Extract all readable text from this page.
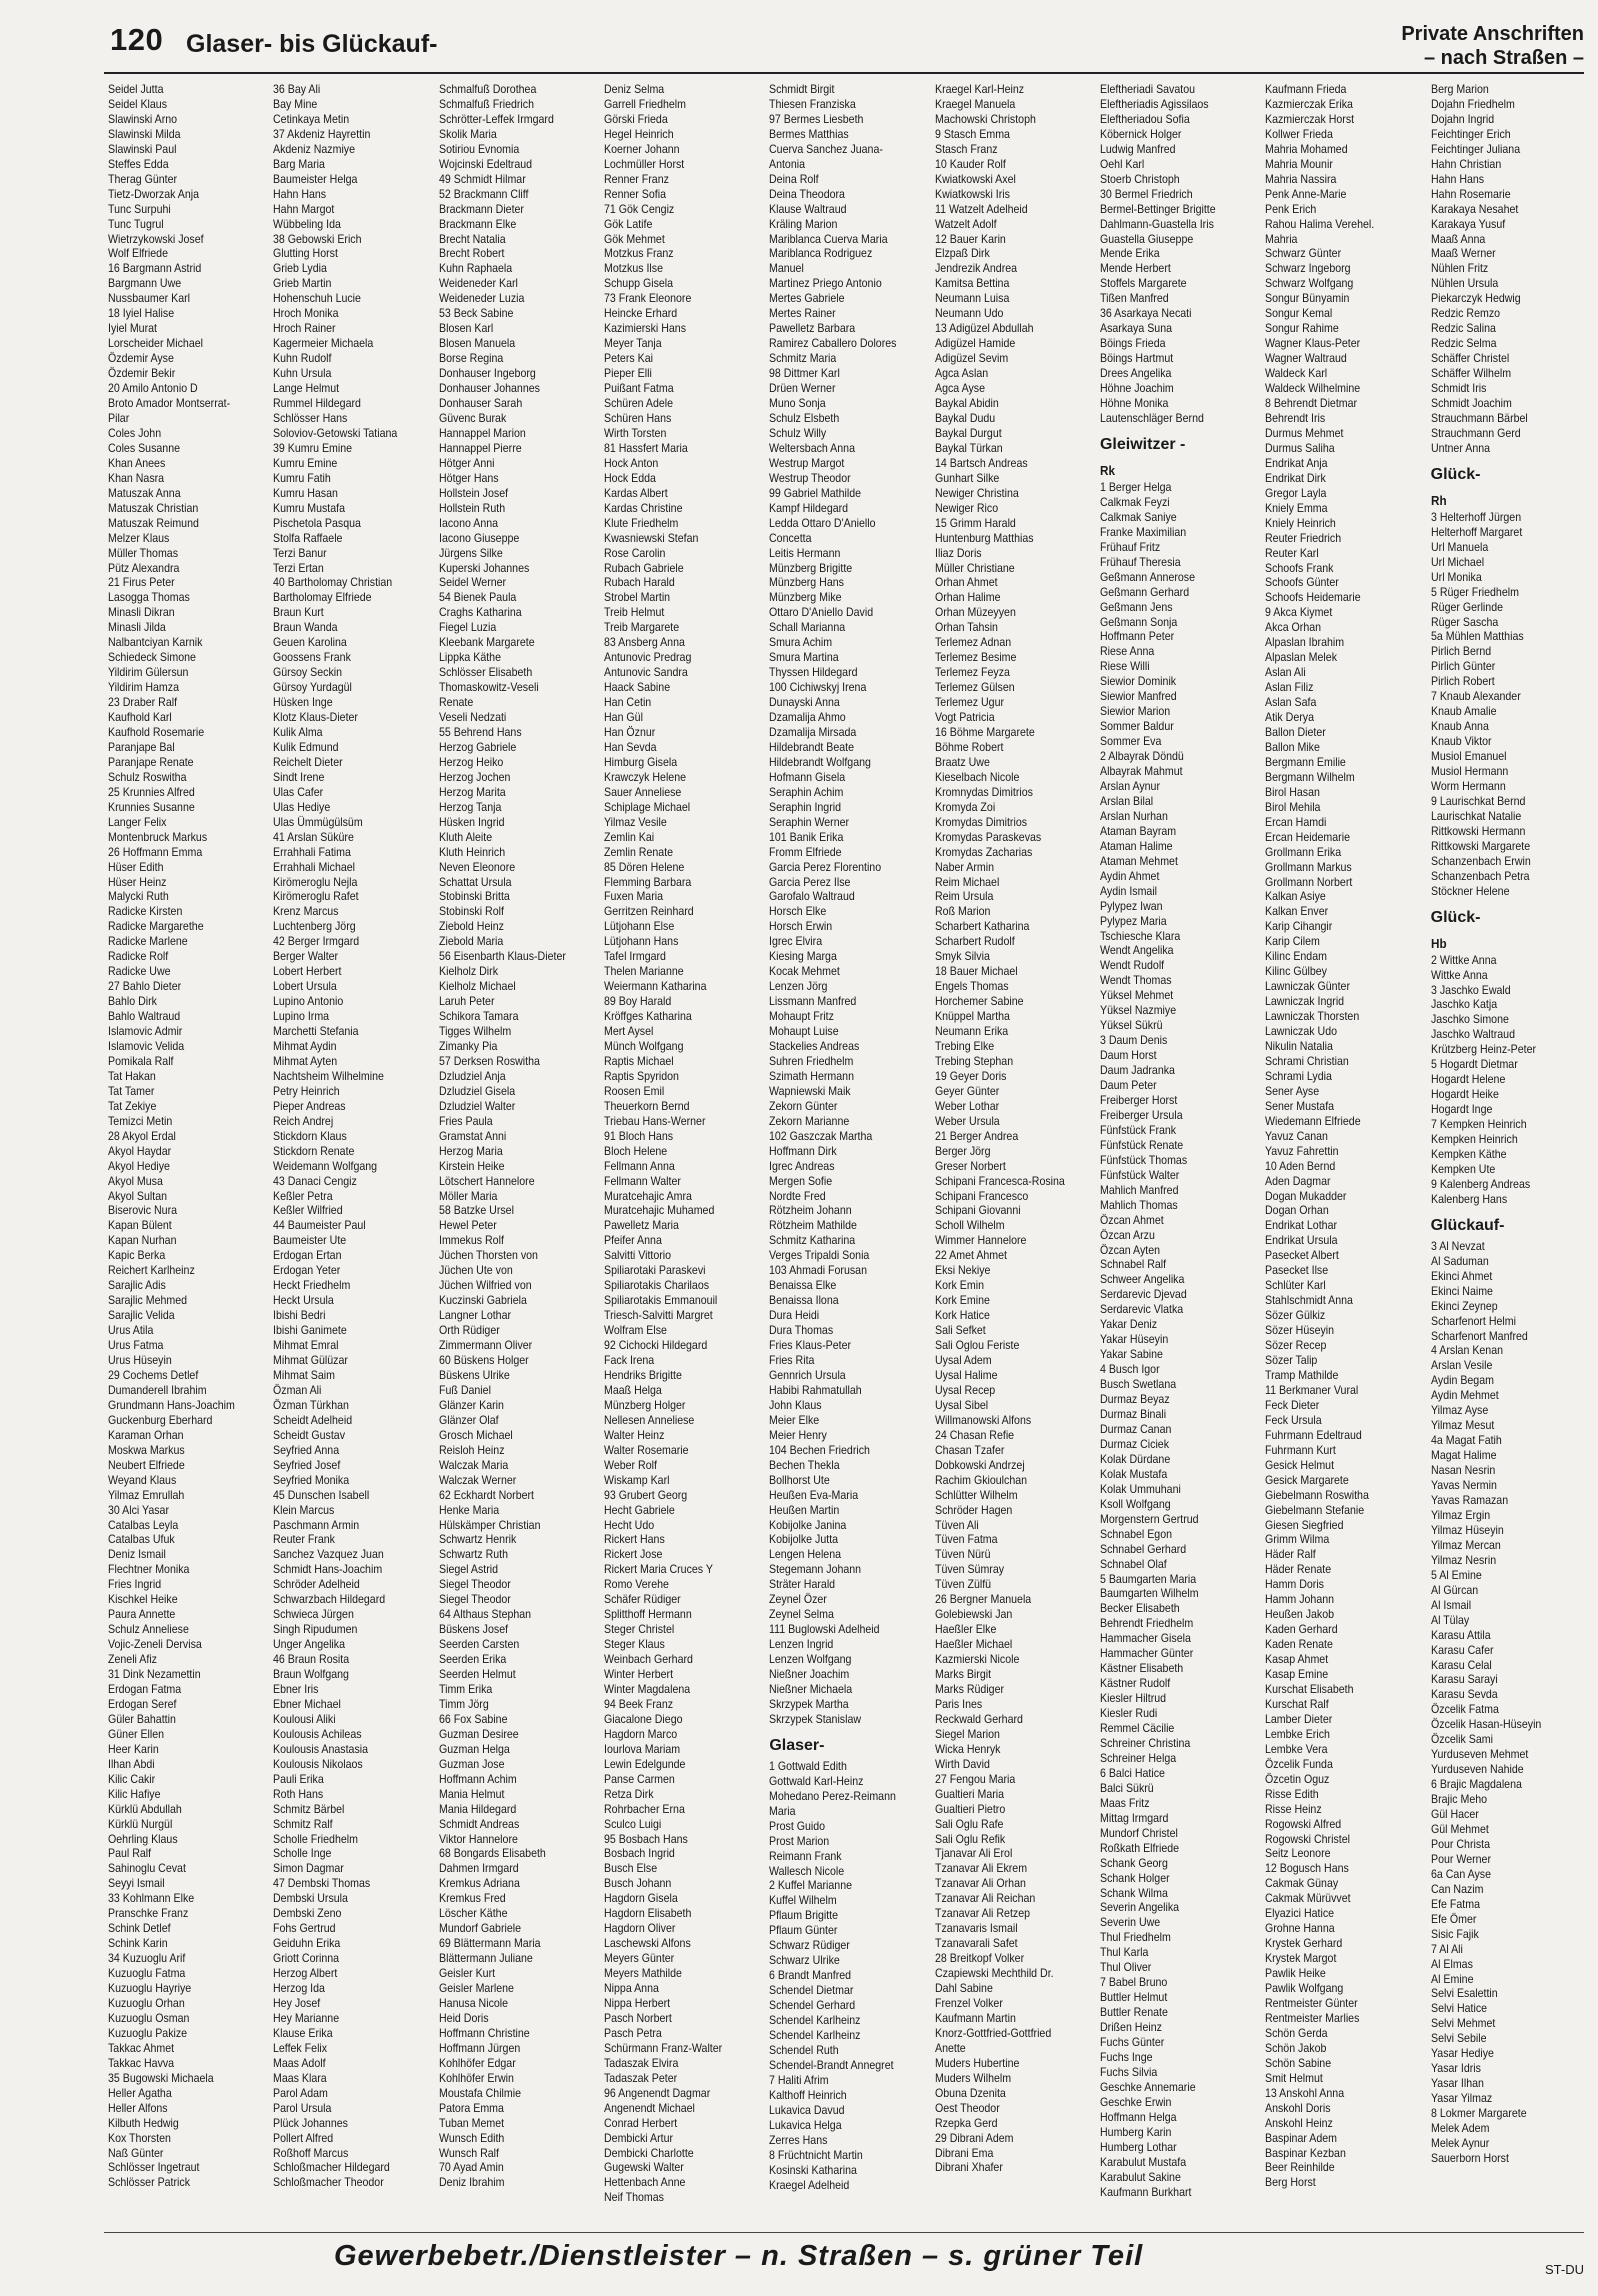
120 Glaser- bis Glückauf-	Private Anschriften
– nach Straßen –
Seidel Jutta
Seidel Klaus
Slawinski Arno
Slawinski Milda
Slawinski Paul
Steffes Edda
Therag Günter
Tietz-Dworzak Anja
Tunc Surpuhi
Tunc Tugrul
Wietrzykowski Josef
Wolf Elfriede
16 Bargmann Astrid
Bargmann Uwe
Nussbaumer Karl
18 Iyiel Halise
Iyiel Murat
Lorscheider Michael
Özdemir Ayse
Özdemir Bekir
20 Amilo Antonio D
Broto Amador Montserrat-
Pilar
Coles John
Coles Susanne
Khan Anees
Khan Nasra
Matuszak Anna
Matuszak Christian
Matuszak Reimund
Melzer Klaus
Müller Thomas
Pütz Alexandra
21 Firus Peter
Lasogga Thomas
Minasli Dikran
Minasli Jilda
Nalbantciyan Karnik
Schiedeck Simone
Yildirim Gülersun
Yildirim Hamza
23 Draber Ralf
Kaufhold Karl
Kaufhold Rosemarie
Paranjape Bal
Paranjape Renate
Schulz Roswitha
25 Krunnies Alfred
Krunnies Susanne
Langer Felix
Montenbruck Markus
26 Hoffmann Emma
Hüser Edith
Hüser Heinz
Malycki Ruth
Radicke Kirsten
Radicke Margarethe
Radicke Marlene
Radicke Rolf
Radicke Uwe
27 Bahlo Dieter
Bahlo Dirk
Bahlo Waltraud
Islamovic Admir
Islamovic Velida
Pomikala Ralf
Tat Hakan
Tat Tamer
Tat Zekiye
Temizci Metin
28 Akyol Erdal
Akyol Haydar
Akyol Hediye
Akyol Musa
Akyol Sultan
Biserovic Nura
Kapan Bülent
Kapan Nurhan
Kapic Berka
Reichert Karlheinz
Sarajlic Adis
Sarajlic Mehmed
Sarajlic Velida
Urus Atila
Urus Fatma
Urus Hüseyin
29 Cochems Detlef
Dumanderell Ibrahim
Grundmann Hans-Joachim
Guckenburg Eberhard
Karaman Orhan
Moskwa Markus
Neubert Elfriede
Weyand Klaus
Yilmaz Emrullah
30 Alci Yasar
Catalbas Leyla
Catalbas Ufuk
Deniz Ismail
Flechtner Monika
Fries Ingrid
Kischkel Heike
Paura Annette
Schulz Anneliese
Vojic-Zeneli Dervisa
Zeneli Afiz
31 Dink Nezamettin
Erdogan Fatma
Erdogan Seref
Güler Bahattin
Güner Ellen
Heer Karin
Ilhan Abdi
Kilic Cakir
Kilic Hafiye
Kürklü Abdullah
Kürklü Nurgül
Oehrling Klaus
Paul Ralf
Sahinoglu Cevat
Seyyi Ismail
33 Kohlmann Elke
Pranschke Franz
Schink Detlef
Schink Karin
34 Kuzuoglu Arif
Kuzuoglu Fatma
Kuzuoglu Hayriye
Kuzuoglu Orhan
Kuzuoglu Osman
Kuzuoglu Pakize
Takkac Ahmet
Takkac Havva
35 Bugowski Michaela
Heller Agatha
Heller Alfons
Kilbuth Hedwig
Kox Thorsten
Naß Günter
Schlösser Ingetraut
Schlösser Patrick
36 Bay Ali
Bay Mine
Cetinkaya Metin
37 Akdeniz Hayrettin
Akdeniz Nazmiye
Barg Maria
Baumeister Helga
Hahn Hans
Hahn Margot
Wübbeling Ida
38 Gebowski Erich
Glutting Horst
Grieb Lydia
Grieb Martin
Hohenschuh Lucie
Hroch Monika
Hroch Rainer
Kagermeier Michaela
Kuhn Rudolf
Kuhn Ursula
Lange Helmut
Rummel Hildegard
Schlösser Hans
Soloviov-Getowski Tatiana
39 Kumru Emine
Kumru Emine
Kumru Fatih
Kumru Hasan
Kumru Mustafa
Pischetola Pasqua
Stolfa Raffaele
Terzi Banur
Terzi Ertan
40 Bartholomay Christian
Bartholomay Elfriede
Braun Kurt
Braun Wanda
Geuen Karolina
Goossens Frank
Gürsoy Seckin
Gürsoy Yurdagül
Hüsken Inge
Klotz Klaus-Dieter
Kulik Alma
Kulik Edmund
Reichelt Dieter
Sindt Irene
Ulas Cafer
Ulas Hediye
Ulas Ümmügülsüm
41 Arslan Süküre
Errahhali Fatima
Errahhali Michael
Kirömeroglu Nejla
Kirömeroglu Rafet
Krenz Marcus
Luchtenberg Jörg
42 Berger Irmgard
Berger Walter
Lobert Herbert
Lobert Ursula
Lupino Antonio
Lupino Irma
Marchetti Stefania
Mihmat Aydin
Mihmat Ayten
Nachtsheim Wilhelmine
Petry Heinrich
Pieper Andreas
Reich Andrej
Stickdorn Klaus
Stickdorn Renate
Weidemann Wolfgang
43 Danaci Cengiz
Keßler Petra
Keßler Wilfried
44 Baumeister Paul
Baumeister Ute
Erdogan Ertan
Erdogan Yeter
Heckt Friedhelm
Heckt Ursula
Ibishi Bedri
Ibishi Ganimete
Mihmat Emral
Mihmat Gülüzar
Mihmat Saim
Özman Ali
Özman Türkhan
Scheidt Adelheid
Scheidt Gustav
Seyfried Anna
Seyfried Josef
Seyfried Monika
45 Dunschen Isabell
Klein Marcus
Paschmann Armin
Reuter Frank
Sanchez Vazquez Juan
Schmidt Hans-Joachim
Schröder Adelheid
Schwarzbach Hildegard
Schwieca Jürgen
Singh Ripudumen
Unger Angelika
46 Braun Rosita
Braun Wolfgang
Ebner Iris
Ebner Michael
Koulousi Aliki
Koulousis Achileas
Koulousis Anastasia
Koulousis Nikolaos
Pauli Erika
Roth Hans
Schmitz Bärbel
Schmitz Ralf
Scholle Friedhelm
Scholle Inge
Simon Dagmar
47 Dembski Thomas
Dembski Ursula
Dembski Zeno
Fohs Gertrud
Geiduhn Erika
Griott Corinna
Herzog Albert
Herzog Ida
Hey Josef
Hey Marianne
Klause Erika
Leffek Felix
Maas Adolf
Maas Klara
Parol Adam
Parol Ursula
Plück Johannes
Pollert Alfred
Roßhoff Marcus
Schloßmacher Hildegard
Schloßmacher Theodor
Schmalfuß Dorothea
Schmalfuß Friedrich
Schrötter-Leffek Irmgard
Skolik Maria
Sotiriou Evnomia
Wojcinski Edeltraud
49 Schmidt Hilmar
52 Brackmann Cliff
Brackmann Dieter
Brackmann Elke
Brecht Natalia
Brecht Robert
Kuhn Raphaela
Weideneder Karl
Weideneder Luzia
53 Beck Sabine
Blosen Karl
Blosen Manuela
Borse Regina
Donhauser Ingeborg
Donhauser Johannes
Donhauser Sarah
Güvenc Burak
Hannappel Marion
Hannappel Pierre
Hötger Anni
Hötger Hans
Hollstein Josef
Hollstein Ruth
Iacono Anna
Iacono Giuseppe
Jürgens Silke
Kuperski Johannes
Seidel Werner
54 Bienek Paula
Craghs Katharina
Fiegel Luzia
Kleebank Margarete
Lippka Käthe
Schlösser Elisabeth
Thomaskowitz-Veseli
Renate
Veseli Nedzati
55 Behrend Hans
Herzog Gabriele
Herzog Heiko
Herzog Jochen
Herzog Marita
Herzog Tanja
Hüsken Ingrid
Kluth Aleite
Kluth Heinrich
Neven Eleonore
Schattat Ursula
Stobinski Britta
Stobinski Rolf
Ziebold Heinz
Ziebold Maria
56 Eisenbarth Klaus-Dieter
Kielholz Dirk
Kielholz Michael
Laruh Peter
Schikora Tamara
Tigges Wilhelm
Zimanky Pia
57 Derksen Roswitha
Dzludziel Anja
Dzludziel Gisela
Dzludziel Walter
Fries Paula
Gramstat Anni
Herzog Maria
Kirstein Heike
Lötschert Hannelore
Möller Maria
58 Batzke Ursel
Hewel Peter
Immekus Rolf
Jüchen Thorsten von
Jüchen Ute von
Jüchen Wilfried von
Kuczinski Gabriela
Langner Lothar
Orth Rüdiger
Zimmermann Oliver
60 Büskens Holger
Büskens Ulrike
Fuß Daniel
Glänzer Karin
Glänzer Olaf
Grosch Michael
Reisloh Heinz
Walczak Maria
Walczak Werner
62 Eckhardt Norbert
Henke Maria
Hülskämper Christian
Schwartz Henrik
Schwartz Ruth
Siegel Astrid
Siegel Theodor
Siegel Theodor
64 Althaus Stephan
Büskens Josef
Seerden Carsten
Seerden Erika
Seerden Helmut
Timm Erika
Timm Jörg
66 Fox Sabine
Guzman Desiree
Guzman Helga
Guzman Jose
Hoffmann Achim
Mania Helmut
Mania Hildegard
Schmidt Andreas
Viktor Hannelore
68 Bongards Elisabeth
Dahmen Irmgard
Kremkus Adriana
Kremkus Fred
Löscher Käthe
Mundorf Gabriele
69 Blättermann Maria
Blättermann Juliane
Geisler Kurt
Geisler Marlene
Hanusa Nicole
Heid Doris
Hoffmann Christine
Hoffmann Jürgen
Kohlhöfer Edgar
Kohlhöfer Erwin
Moustafa Chilmie
Patora Emma
Tuban Memet
Wunsch Edith
Wunsch Ralf
70 Ayad Amin
Deniz Ibrahim
Deniz Selma
Garrell Friedhelm
Görski Frieda
Hegel Heinrich
Koerner Johann
Lochmüller Horst
Renner Franz
Renner Sofia
71 Gök Cengiz
Gök Latife
Gök Mehmet
Motzkus Franz
Motzkus Ilse
Schupp Gisela
73 Frank Eleonore
Heincke Erhard
Kazimierski Hans
Meyer Tanja
Peters Kai
Pieper Elli
Puißant Fatma
Schüren Adele
Schüren Hans
Wirth Torsten
81 Hassfert Maria
Hock Anton
Hock Edda
Kardas Albert
Kardas Christine
Klute Friedhelm
Kwasniewski Stefan
Rose Carolin
Rubach Gabriele
Rubach Harald
Strobel Martin
Treib Helmut
Treib Margarete
83 Ansberg Anna
Antunovic Predrag
Antunovic Sandra
Haack Sabine
Han Cetin
Han Gül
Han Öznur
Han Sevda
Himburg Gisela
Krawczyk Helene
Sauer Anneliese
Schiplage Michael
Yilmaz Vesile
Zemlin Kai
Zemlin Renate
85 Dören Helene
Flemming Barbara
Fuxen Maria
Gerritzen Reinhard
Lütjohann Else
Lütjohann Hans
Tafel Irmgard
Thelen Marianne
Weiermann Katharina
89 Boy Harald
Kröffges Katharina
Mert Aysel
Münch Wolfgang
Raptis Michael
Raptis Spyridon
Roosen Emil
Theuerkorn Bernd
Triebau Hans-Werner
91 Bloch Hans
Bloch Helene
Fellmann Anna
Fellmann Walter
Muratcehajic Amra
Muratcehajic Muhamed
Pawelletz Maria
Pfeifer Anna
Salvitti Vittorio
Spiliarotaki Paraskevi
Spiliarotakis Charilaos
Spiliarotakis Emmanouil
Triesch-Salvitti Margret
Wolfram Else
92 Cichocki Hildegard
Fack Irena
Hendriks Brigitte
Maaß Helga
Münzberg Holger
Nellesen Anneliese
Walter Heinz
Walter Rosemarie
Weber Rolf
Wiskamp Karl
93 Grubert Georg
Hecht Gabriele
Hecht Udo
Rickert Hans
Rickert Jose
Rickert Maria Cruces Y
Romo Verehe
Schäfer Rüdiger
Splitthoff Hermann
Steger Christel
Steger Klaus
Weinbach Gerhard
Winter Herbert
Winter Magdalena
94 Beek Franz
Giacalone Diego
Hagdorn Marco
Iourlova Mariam
Lewin Edelgunde
Panse Carmen
Retza Dirk
Rohrbacher Erna
Sculco Luigi
95 Bosbach Hans
Bosbach Ingrid
Busch Else
Busch Johann
Hagdorn Gisela
Hagdorn Elisabeth
Hagdorn Oliver
Laschewski Alfons
Meyers Günter
Meyers Mathilde
Nippa Anna
Nippa Herbert
Pasch Norbert
Pasch Petra
Schürmann Franz-Walter
Tadaszak Elvira
Tadaszak Peter
96 Angenendt Dagmar
Angenendt Michael
Conrad Herbert
Dembicki Artur
Dembicki Charlotte
Gugewski Walter
Hettenbach Anne
Neif Thomas
Schmidt Birgit
Thiesen Franziska
97 Bermes Liesbeth
Bermes Matthias
Cuerva Sanchez Juana-
Antonia
Deina Rolf
Deina Theodora
Klause Waltraud
Kräling Marion
Mariblanca Cuerva Maria
Mariblanca Rodriguez
Manuel
Martinez Priego Antonio
Mertes Gabriele
Mertes Rainer
Pawelletz Barbara
Ramirez Caballero Dolores
Schmitz Maria
98 Dittmer Karl
Drüen Werner
Muno Sonja
Schulz Elsbeth
Schulz Willy
Weltersbach Anna
Westrup Margot
Westrup Theodor
99 Gabriel Mathilde
Kampf Hildegard
Ledda Ottaro D'Aniello
Concetta
Leitis Hermann
Münzberg Brigitte
Münzberg Hans
Münzberg Mike
Ottaro D'Aniello David
Schall Marianna
Smura Achim
Smura Martina
Thyssen Hildegard
100 Cichiwskyj Irena
Dunayski Anna
Dzamalija Ahmo
Dzamalija Mirsada
Hildebrandt Beate
Hildebrandt Wolfgang
Hofmann Gisela
Seraphin Achim
Seraphin Ingrid
Seraphin Werner
101 Banik Erika
Fromm Elfriede
Garcia Perez Florentino
Garcia Perez Ilse
Garofalo Waltraud
Horsch Elke
Horsch Erwin
Igrec Elvira
Kiesing Marga
Kocak Mehmet
Lenzen Jörg
Lissmann Manfred
Mohaupt Fritz
Mohaupt Luise
Stackelies Andreas
Suhren Friedhelm
Szimath Hermann
Wapniewski Maik
Zekorn Günter
Zekorn Marianne
102 Gaszczak Martha
Hoffmann Dirk
Igrec Andreas
Mergen Sofie
Nordte Fred
Rötzheim Johann
Rötzheim Mathilde
Schmitz Katharina
Verges Tripaldi Sonia
103 Ahmadi Forusan
Benaissa Elke
Benaissa Ilona
Dura Heidi
Dura Thomas
Fries Klaus-Peter
Fries Rita
Gennrich Ursula
Habibi Rahmatullah
John Klaus
Meier Elke
Meier Henry
104 Bechen Friedrich
Bechen Thekla
Bollhorst Ute
Heußen Eva-Maria
Heußen Martin
Kobijolke Janina
Kobijolke Jutta
Lengen Helena
Stegemann Johann
Sträter Harald
Zeynel Özer
Zeynel Selma
111 Buglowski Adelheid
Lenzen Ingrid
Lenzen Wolfgang
Nießner Joachim
Nießner Michaela
Skrzypek Martha
Skrzypek Stanislaw
Glaser-
1 Gottwald Edith
Gottwald Karl-Heinz
Mohedano Perez-Reimann
Maria
Prost Guido
Prost Marion
Reimann Frank
Wallesch Nicole
2 Kuffel Marianne
Kuffel Wilhelm
Pflaum Brigitte
Pflaum Günter
Schwarz Rüdiger
Schwarz Ulrike
6 Brandt Manfred
Schendel Dietmar
Schendel Gerhard
Schendel Karlheinz
Schendel Karlheinz
Schendel Ruth
Schendel-Brandt Annegret
7 Haliti Afrim
Kalthoff Heinrich
Lukavica Davud
Lukavica Helga
Zerres Hans
8 Früchtnicht Martin
Kosinski Katharina
Kraegel Adelheid
Kraegel Karl-Heinz
Kraegel Manuela
Machowski Christoph
9 Stasch Emma
Stasch Franz
10 Kauder Rolf
Kwiatkowski Axel
Kwiatkowski Iris
11 Watzelt Adelheid
Watzelt Adolf
12 Bauer Karin
Elzpaß Dirk
Jendrezik Andrea
Kamitsa Bettina
Neumann Luisa
Neumann Udo
13 Adigüzel Abdullah
Adigüzel Hamide
Adigüzel Sevim
Agca Aslan
Agca Ayse
Baykal Abidin
Baykal Dudu
Baykal Durgut
Baykal Türkan
14 Bartsch Andreas
Gunhart Silke
Newiger Christina
Newiger Rico
15 Grimm Harald
Huntenburg Matthias
Iliaz Doris
Müller Christiane
Orhan Ahmet
Orhan Halime
Orhan Müzeyyen
Orhan Tahsin
Terlemez Adnan
Terlemez Besime
Terlemez Feyza
Terlemez Gülsen
Terlemez Ugur
Vogt Patricia
16 Böhme Margarete
Böhme Robert
Braatz Uwe
Kieselbach Nicole
Kromnydas Dimitrios
Kromyda Zoi
Kromydas Dimitrios
Kromydas Paraskevas
Kromydas Zacharias
Naber Armin
Reim Michael
Reim Ursula
Roß Marion
Scharbert Katharina
Scharbert Rudolf
Smyk Silvia
18 Bauer Michael
Engels Thomas
Horchemer Sabine
Knüppel Martha
Neumann Erika
Trebing Elke
Trebing Stephan
19 Geyer Doris
Geyer Günter
Weber Lothar
Weber Ursula
21 Berger Andrea
Berger Jörg
Greser Norbert
Schipani Francesca-Rosina
Schipani Francesco
Schipani Giovanni
Scholl Wilhelm
Wimmer Hannelore
22 Amet Ahmet
Eksi Nekiye
Kork Emin
Kork Emine
Kork Hatice
Sali Sefket
Sali Oglou Feriste
Uysal Adem
Uysal Halime
Uysal Recep
Uysal Sibel
Willmanowski Alfons
24 Chasan Refie
Chasan Tzafer
Dobkowski Andrzej
Rachim Gkioulchan
Schlütter Wilhelm
Schröder Hagen
Tüven Ali
Tüven Fatma
Tüven Nürü
Tüven Sümray
Tüven Zülfü
26 Bergner Manuela
Golebiewski Jan
Haeßler Elke
Haeßler Michael
Kazmierski Nicole
Marks Birgit
Marks Rüdiger
Paris Ines
Reckwald Gerhard
Siegel Marion
Wicka Henryk
Wirth David
27 Fengou Maria
Gualtieri Maria
Gualtieri Pietro
Sali Oglu Rafe
Sali Oglu Refik
Tjanavar Ali Erol
Tzanavar Ali Ekrem
Tzanavar Ali Orhan
Tzanavar Ali Reichan
Tzanavar Ali Retzep
Tzanavaris Ismail
Tzanavarali Safet
28 Breitkopf Volker
Czapiewski Mechthild Dr.
Dahl Sabine
Frenzel Volker
Kaufmann Martin
Knorz-Gottfried-Gottfried
Anette
Muders Hubertine
Muders Wilhelm
Obuna Dzenita
Oest Theodor
Rzepka Gerd
29 Dibrani Adem
Dibrani Ema
Dibrani Xhafer
Eleftheriadi Savatou
Eleftheriadis Agissilaos
Eleftheriadou Sofia
Köbernick Holger
Ludwig Manfred
Oehl Karl
Stoerb Christoph
30 Bermel Friedrich
Bermel-Bettinger Brigitte
Dahlmann-Guastella Iris
Guastella Giuseppe
Mende Erika
Mende Herbert
Stoffels Margarete
Tißen Manfred
36 Asarkaya Necati
Asarkaya Suna
Böings Frieda
Böings Hartmut
Drees Angelika
Höhne Joachim
Höhne Monika
Lautenschläger Bernd
Gleiwitzer -
Rk
1 Berger Helga
Calkmak Feyzi
Calkmak Saniye
Franke Maximilian
Frühauf Fritz
Frühauf Theresia
Geßmann Annerose
Geßmann Gerhard
Geßmann Jens
Geßmann Sonja
Hoffmann Peter
Riese Anna
Riese Willi
Siewior Dominik
Siewior Manfred
Siewior Marion
Sommer Baldur
Sommer Eva
2 Albayrak Döndü
Albayrak Mahmut
Arslan Aynur
Arslan Bilal
Arslan Nurhan
Ataman Bayram
Ataman Halime
Ataman Mehmet
Aydin Ahmet
Aydin Ismail
Pylypez Iwan
Pylypez Maria
Tschiesche Klara
Wendt Angelika
Wendt Rudolf
Wendt Thomas
Yüksel Mehmet
Yüksel Nazmiye
Yüksel Sükrü
3 Daum Denis
Daum Horst
Daum Jadranka
Daum Peter
Freiberger Horst
Freiberger Ursula
Fünfstück Frank
Fünfstück Renate
Fünfstück Thomas
Fünfstück Walter
Mahlich Manfred
Mahlich Thomas
Özcan Ahmet
Özcan Arzu
Özcan Ayten
Schnabel Ralf
Schweer Angelika
Serdarevic Djevad
Serdarevic Vlatka
Yakar Deniz
Yakar Hüseyin
Yakar Sabine
4 Busch Igor
Busch Swetlana
Durmaz Beyaz
Durmaz Binali
Durmaz Canan
Durmaz Ciciek
Kolak Dürdane
Kolak Mustafa
Kolak Ummuhani
Ksoll Wolfgang
Morgenstern Gertrud
Schnabel Egon
Schnabel Gerhard
Schnabel Olaf
5 Baumgarten Maria
Baumgarten Wilhelm
Becker Elisabeth
Behrendt Friedhelm
Hammacher Gisela
Hammacher Günter
Kästner Elisabeth
Kästner Rudolf
Kiesler Hiltrud
Kiesler Rudi
Remmel Cäcilie
Schreiner Christina
Schreiner Helga
6 Balci Hatice
Balci Sükrü
Maas Fritz
Mittag Irmgard
Mundorf Christel
Roßkath Elfriede
Schank Georg
Schank Holger
Schank Wilma
Severin Angelika
Severin Uwe
Thul Friedhelm
Thul Karla
Thul Oliver
7 Babel Bruno
Buttler Helmut
Buttler Renate
Drißen Heinz
Fuchs Günter
Fuchs Inge
Fuchs Silvia
Geschke Annemarie
Geschke Erwin
Hoffmann Helga
Humberg Karin
Humberg Lothar
Karabulut Mustafa
Karabulut Sakine
Kaufmann Burkhart
Kaufmann Frieda
Kazmierczak Erika
Kazmierczak Horst
Kollwer Frieda
Mahria Mohamed
Mahria Mounir
Mahria Nassira
Penk Anne-Marie
Penk Erich
Rahou Halima Verehel.
Mahria
Schwarz Günter
Schwarz Ingeborg
Schwarz Wolfgang
Songur Bünyamin
Songur Kemal
Songur Rahime
Wagner Klaus-Peter
Wagner Waltraud
Waldeck Karl
Waldeck Wilhelmine
8 Behrendt Dietmar
Behrendt Iris
Durmus Mehmet
Durmus Saliha
Endrikat Anja
Endrikat Dirk
Gregor Layla
Kniely Emma
Kniely Heinrich
Reuter Friedrich
Reuter Karl
Schoofs Frank
Schoofs Günter
Schoofs Heidemarie
9 Akca Kiymet
Akca Orhan
Alpaslan Ibrahim
Alpaslan Melek
Aslan Ali
Aslan Filiz
Aslan Safa
Atik Derya
Ballon Dieter
Ballon Mike
Bergmann Emilie
Bergmann Wilhelm
Birol Hasan
Birol Mehila
Ercan Hamdi
Ercan Heidemarie
Grollmann Erika
Grollmann Markus
Grollmann Norbert
Kalkan Asiye
Kalkan Enver
Karip Cihangir
Karip Cilem
Kilinc Endam
Kilinc Gülbey
Lawniczak Günter
Lawniczak Ingrid
Lawniczak Thorsten
Lawniczak Udo
Nikulin Natalia
Schrami Christian
Schrami Lydia
Sener Ayse
Sener Mustafa
Wiedemann Elfriede
Yavuz Canan
Yavuz Fahrettin
10 Aden Bernd
Aden Dagmar
Dogan Mukadder
Dogan Orhan
Endrikat Lothar
Endrikat Ursula
Pasecket Albert
Pasecket Ilse
Schlüter Karl
Stahlschmidt Anna
Sözer Gülkiz
Sözer Hüseyin
Sözer Recep
Sözer Talip
Tramp Mathilde
11 Berkmaner Vural
Feck Dieter
Feck Ursula
Fuhrmann Edeltraud
Fuhrmann Kurt
Gesick Helmut
Gesick Margarete
Giebelmann Roswitha
Giebelmann Stefanie
Giesen Siegfried
Grimm Wilma
Häder Ralf
Häder Renate
Hamm Doris
Hamm Johann
Heußen Jakob
Kaden Gerhard
Kaden Renate
Kasap Ahmet
Kasap Emine
Kurschat Elisabeth
Kurschat Ralf
Lamber Dieter
Lembke Erich
Lembke Vera
Özcelik Funda
Özcetin Oguz
Risse Edith
Risse Heinz
Rogowski Alfred
Rogowski Christel
Seitz Leonore
12 Bogusch Hans
Cakmak Günay
Cakmak Mürüvvet
Elyazici Hatice
Grohne Hanna
Krystek Gerhard
Krystek Margot
Pawlik Heike
Pawlik Wolfgang
Rentmeister Günter
Rentmeister Marlies
Schön Gerda
Schön Jakob
Schön Sabine
Smit Helmut
13 Anskohl Anna
Anskohl Doris
Anskohl Heinz
Baspinar Adem
Baspinar Kezban
Beer Reinhilde
Berg Horst
Berg Marion
Dojahn Friedhelm
Dojahn Ingrid
Feichtinger Erich
Feichtinger Juliana
Hahn Christian
Hahn Hans
Hahn Rosemarie
Karakaya Nesahet
Karakaya Yusuf
Maaß Anna
Maaß Werner
Nühlen Fritz
Nühlen Ursula
Piekarczyk Hedwig
Redzic Remzo
Redzic Salina
Redzic Selma
Schäffer Christel
Schäffer Wilhelm
Schmidt Iris
Schmidt Joachim
Strauchmann Bärbel
Strauchmann Gerd
Untner Anna
Glück-
Rh
3 Helterhoff Jürgen
Helterhoff Margaret
Url Manuela
Url Michael
Url Monika
5 Rüger Friedhelm
Rüger Gerlinde
Rüger Sascha
5a Mühlen Matthias
Pirlich Bernd
Pirlich Günter
Pirlich Robert
7 Knaub Alexander
Knaub Amalie
Knaub Anna
Knaub Viktor
Musiol Emanuel
Musiol Hermann
Worm Hermann
9 Laurischkat Bernd
Laurischkat Natalie
Rittkowski Hermann
Rittkowski Margarete
Schanzenbach Erwin
Schanzenbach Petra
Stöckner Helene
Glück-
Hb
2 Wittke Anna
Wittke Anna
3 Jaschko Ewald
Jaschko Katja
Jaschko Simone
Jaschko Waltraud
Krützberg Heinz-Peter
5 Hogardt Dietmar
Hogardt Helene
Hogardt Heike
Hogardt Inge
7 Kempken Heinrich
Kempken Heinrich
Kempken Käthe
Kempken Ute
9 Kalenberg Andreas
Kalenberg Hans
Glückauf-
3 Al Nevzat
Al Saduman
Ekinci Ahmet
Ekinci Naime
Ekinci Zeynep
Scharfenort Helmi
Scharfenort Manfred
4 Arslan Kenan
Arslan Vesile
Aydin Begam
Aydin Mehmet
Yilmaz Ayse
Yilmaz Mesut
4a Magat Fatih
Magat Halime
Nasan Nesrin
Yavas Nermin
Yavas Ramazan
Yilmaz Ergin
Yilmaz Hüseyin
Yilmaz Mercan
Yilmaz Nesrin
5 Al Emine
Al Gürcan
Al Ismail
Al Tülay
Karasu Attila
Karasu Cafer
Karasu Celal
Karasu Sarayi
Karasu Sevda
Özcelik Fatma
Özcelik Hasan-Hüseyin
Özcelik Sami
Yurduseven Mehmet
Yurduseven Nahide
6 Brajic Magdalena
Brajic Meho
Gül Hacer
Gül Mehmet
Pour Christa
Pour Werner
6a Can Ayse
Can Nazim
Efe Fatma
Efe Ömer
Sisic Fajik
7 Al Ali
Al Elmas
Al Emine
Selvi Esalettin
Selvi Hatice
Selvi Mehmet
Selvi Sebile
Yasar Hediye
Yasar Idris
Yasar Ilhan
Yasar Yilmaz
8 Lokmer Margarete
Melek Adem
Melek Aynur
Sauerborn Horst
Gewerbebetr./Dienstleister – n. Straßen – s. grüner Teil	ST-DU
